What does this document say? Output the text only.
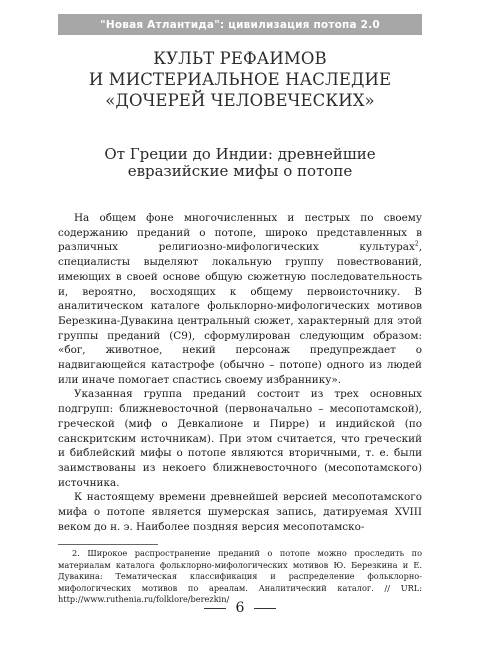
"Новая Атлантида": цивилизация потопа 2.0
КУЛЬТ РЕФАИМОВ
И МИСТЕРИАЛЬНОЕ НАСЛЕДИЕ
«ДОЧЕРЕЙ ЧЕЛОВЕЧЕСКИХ»
От Греции до Индии: древнейшие
евразийские мифы о потопе

На общем фоне многочисленных и пестрых по своему содержанию преданий о потопе, широко представленных в различных религиозно-мифологических культурах$^2$, специалисты выделяют локальную группу повествований, имеющих в своей основе общую сюжетную последовательность и, вероятно, восходящих к общему первоисточнику. В аналитическом каталоге фольклорно-мифологических мотивов Березкина-Дувакина центральный сюжет, характерный для этой группы преданий (С9), сформулирован следующим образом: «бог, животное, некий персонаж предупреждает о надвигающейся катастрофе (обычно – потопе) одного из людей или иначе помогает спастись своему избраннику».

Указанная группа преданий состоит из трех основных подгрупп: ближневосточной (первоначально – месопотамской), греческой (миф о Девкалионе и Пирре) и индийской (по санскритским источникам). При этом считается, что греческий и библейский мифы о потопе являются вторичными, т. е. были заимствованы из некоего ближневосточного (месопотамского) источника.

К настоящему времени древнейшей версией месопотамского мифа о потопе является шумерская запись, датируемая XVIII веком до н. э. Наиболее поздняя версия месопотамско-

2. Широкое распространение преданий о потопе можно проследить по материалам каталога фольклорно-мифологических мотивов Ю. Березкина и Е. Дувакина: Тематическая классификация и распределение фольклорно-мифологических мотивов по ареалам. Аналитический каталог. // URL: http://www.ruthenia.ru/folklore/berezkin/
6
